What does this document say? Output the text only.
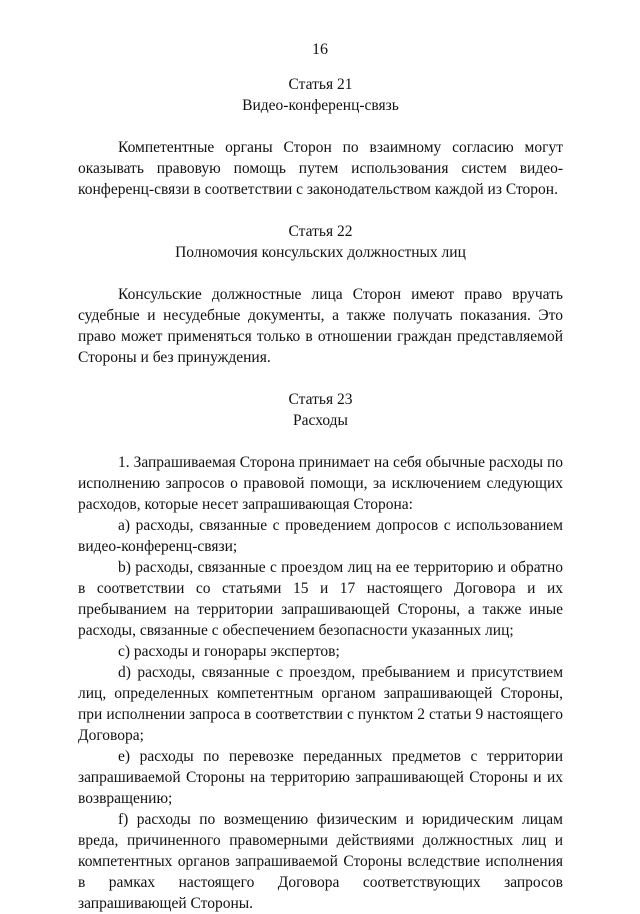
16
Статья 21
Видео-конференц-связь

Компетентные органы Сторон по взаимному согласию могут оказывать правовую помощь путем использования систем видео-конференц-связи в соответствии с законодательством каждой из Сторон.

Статья 22
Полномочия консульских должностных лиц

Консульские должностные лица Сторон имеют право вручать судебные и несудебные документы, а также получать показания. Это право может применяться только в отношении граждан представляемой Стороны и без принуждения.

Статья 23
Расходы

1. Запрашиваемая Сторона принимает на себя обычные расходы по исполнению запросов о правовой помощи, за исключением следующих расходов, которые несет запрашивающая Сторона:

a) расходы, связанные с проведением допросов с использованием видео-конференц-связи;

b) расходы, связанные с проездом лиц на ее территорию и обратно в соответствии со статьями 15 и 17 настоящего Договора и их пребыванием на территории запрашивающей Стороны, а также иные расходы, связанные с обеспечением безопасности указанных лиц;

c) расходы и гонорары экспертов;

d) расходы, связанные с проездом, пребыванием и присутствием лиц, определенных компетентным органом запрашивающей Стороны, при исполнении запроса в соответствии с пунктом 2 статьи 9 настоящего Договора;

e) расходы по перевозке переданных предметов с территории запрашиваемой Стороны на территорию запрашивающей Стороны и их возвращению;

f) расходы по возмещению физическим и юридическим лицам вреда, причиненного правомерными действиями должностных лиц и компетентных органов запрашиваемой Стороны вследствие исполнения в рамках настоящего Договора соответствующих запросов запрашивающей Стороны.
